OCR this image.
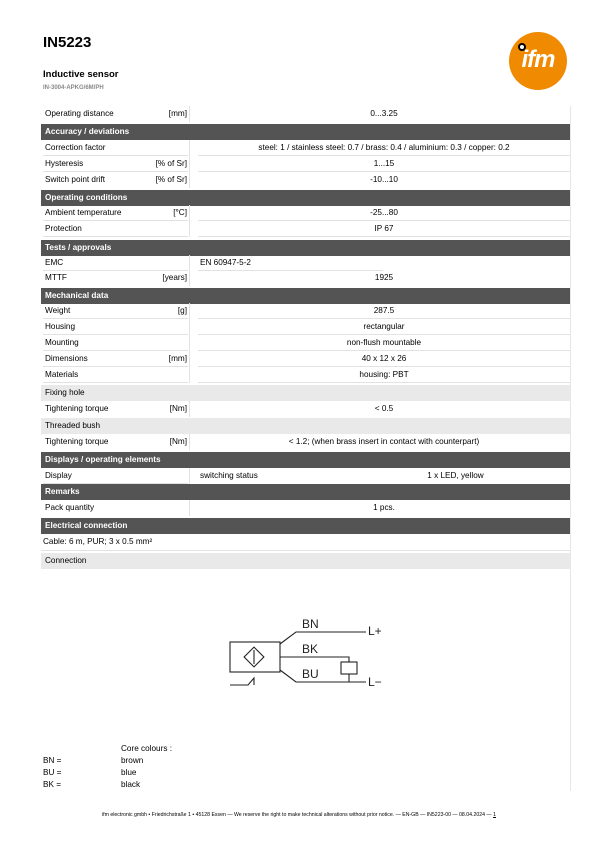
IN5223
Inductive sensor
IN-3004-APKG/6M/PH
ifm
Operating distance	[mm]	0...3.25
Accuracy / deviations
Correction factor	steel: 1 / stainless steel: 0.7 / brass: 0.4 / aluminium: 0.3 / copper: 0.2
Hysteresis	[% of Sr]	1...15
Switch point drift	[% of Sr]	-10...10
Operating conditions
Ambient temperature	[°C]	-25...80
Protection	IP 67
Tests / approvals
EMC	EN 60947-5-2
MTTF	[years]	1925
Mechanical data
Weight	[g]	287.5
Housing	rectangular
Mounting	non-flush mountable
Dimensions	[mm]	40 x 12 x 26
Materials	housing: PBT
Fixing hole
Tightening torque	[Nm]	< 0.5
Threaded bush
Tightening torque	[Nm]	< 1.2; (when brass insert in contact with counterpart)
Displays / operating elements
Display	switching status	1 x LED, yellow
Remarks
Pack quantity	1 pcs.
Electrical connection
Cable: 6 m, PUR; 3 x 0.5 mm²
Connection
BN
BK
BU
L+
L−
Core colours :
BN =	brown
BU =	blue
BK =	black
ifm electronic gmbh • Friedrichstraße 1 • 45128 Essen — We reserve the right to make technical alterations without prior notice. — EN-GB — IN5223-00 — 08.04.2024 — 1
